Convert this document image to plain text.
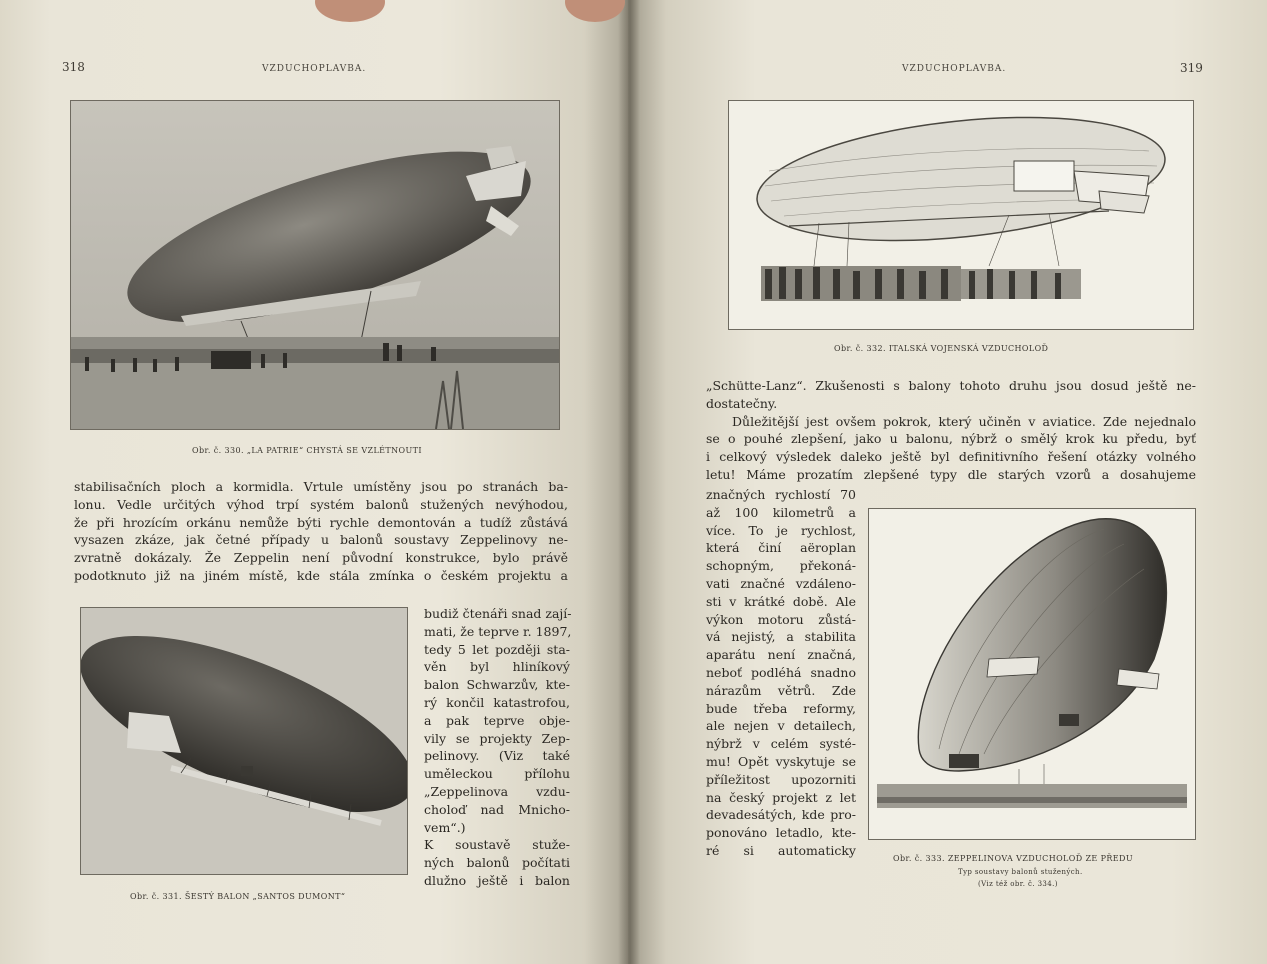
318	VZDUCHOPLAVBA.
Obr. č. 330. „LA PATRIE“ CHYSTÁ SE VZLÉTNOUTI
stabilisačních ploch a kormidla. Vrtule umístěny jsou po stranách ba-
lonu. Vedle určitých výhod trpí systém balonů stužených nevýhodou,
že při hrozícím orkánu nemůže býti rychle demontován a tudíž zůstává
vysazen zkáze, jak četné případy u balonů soustavy Zeppelinovy ne-
zvratně dokázaly. Že Zeppelin není původní konstrukce, bylo právě
podotknuto již na jiném místě, kde stála zmínka o českém projektu a
Obr. č. 331. ŠESTÝ BALON „SANTOS DUMONT“
budiž čtenáři snad zají-
mati, že teprve r. 1897,
tedy 5 let později sta-
věn byl hliníkový
balon Schwarzův, kte-
rý končil katastrofou,
a pak teprve obje-
vily se projekty Zep-
pelinovy. (Viz také
uměleckou přílohu
„Zeppelinova vzdu-
choloď nad Mnicho-
vem“.)
K soustavě stuže-
ných balonů počítati
dlužno ještě i balon
VZDUCHOPLAVBA.	319
Obr. č. 332. ITALSKÁ VOJENSKÁ VZDUCHOLOĎ
„Schütte-Lanz“. Zkušenosti s balony tohoto druhu jsou dosud ještě ne-
dostatečny.
Důležitější jest ovšem pokrok, který učiněn v aviatice. Zde nejednalo
se o pouhé zlepšení, jako u balonu, nýbrž o smělý krok ku předu, byť
i celkový výsledek daleko ještě byl definitivního řešení otázky volného
letu! Máme prozatím zlepšené typy dle starých vzorů a dosahujeme
značných rychlostí 70
až 100 kilometrů a
více. To je rychlost,
která činí aëroplan
schopným, překoná-
vati značné vzdáleno-
sti v krátké době. Ale
výkon motoru zůstá-
vá nejistý, a stabilita
aparátu není značná,
neboť podléhá snadno
nárazům větrů. Zde
bude třeba reformy,
ale nejen v detailech,
nýbrž v celém systé-
mu! Opět vyskytuje se
příležitost upozorniti
na český projekt z let
devadesátých, kde pro-
ponováno letadlo, kte-
ré si automaticky
Obr. č. 333. ZEPPELINOVA VZDUCHOLOĎ ZE PŘEDU
Typ soustavy balonů stužených.
(Viz též obr. č. 334.)
